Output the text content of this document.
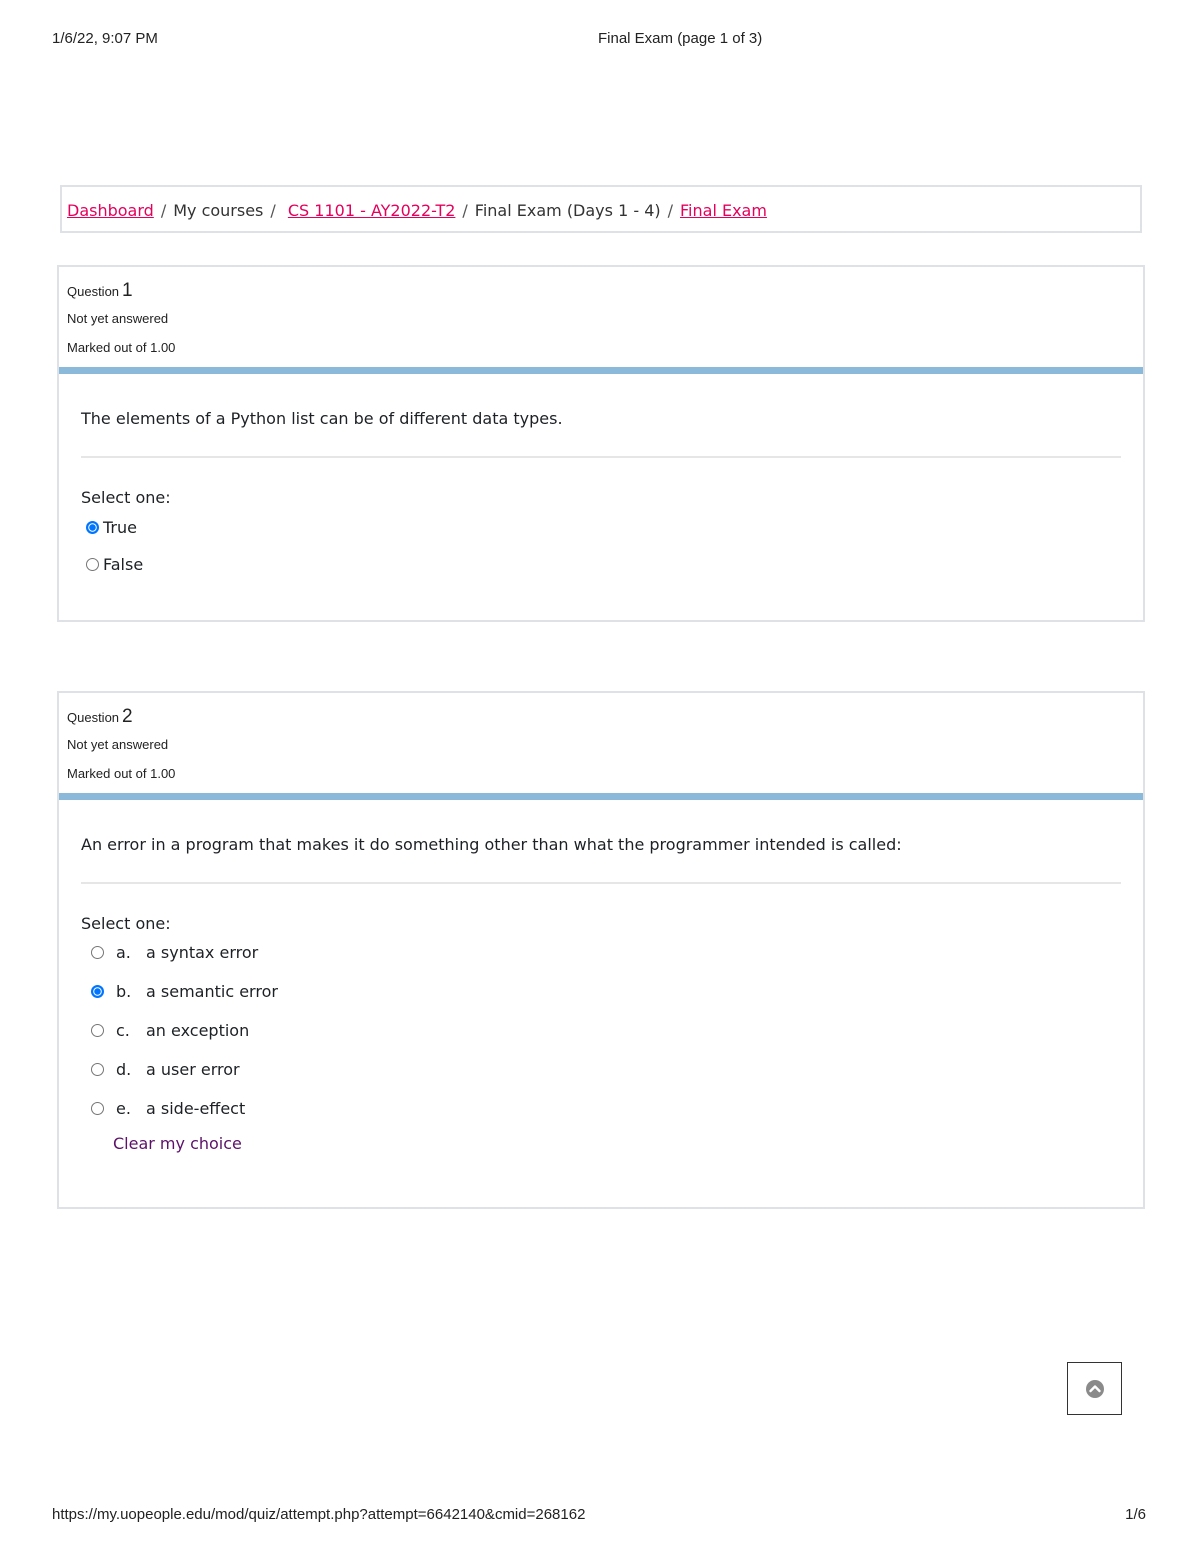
1/6/22, 9:07 PM	Final Exam (page 1 of 3)
Dashboard / My courses / CS 1101 - AY2022-T2 / Final Exam (Days 1 - 4) / Final Exam
Question 1
Not yet answered
Marked out of 1.00
The elements of a Python list can be of different data types.
Select one:
True
False
Question 2
Not yet answered
Marked out of 1.00
An error in a program that makes it do something other than what the programmer intended is called:
Select one:
a. a syntax error
b. a semantic error
c.	an exception
d. a user error
e. a side-effect
Clear my choice
https://my.uopeople.edu/mod/quiz/attempt.php?attempt=6642140&cmid=268162	1/6
